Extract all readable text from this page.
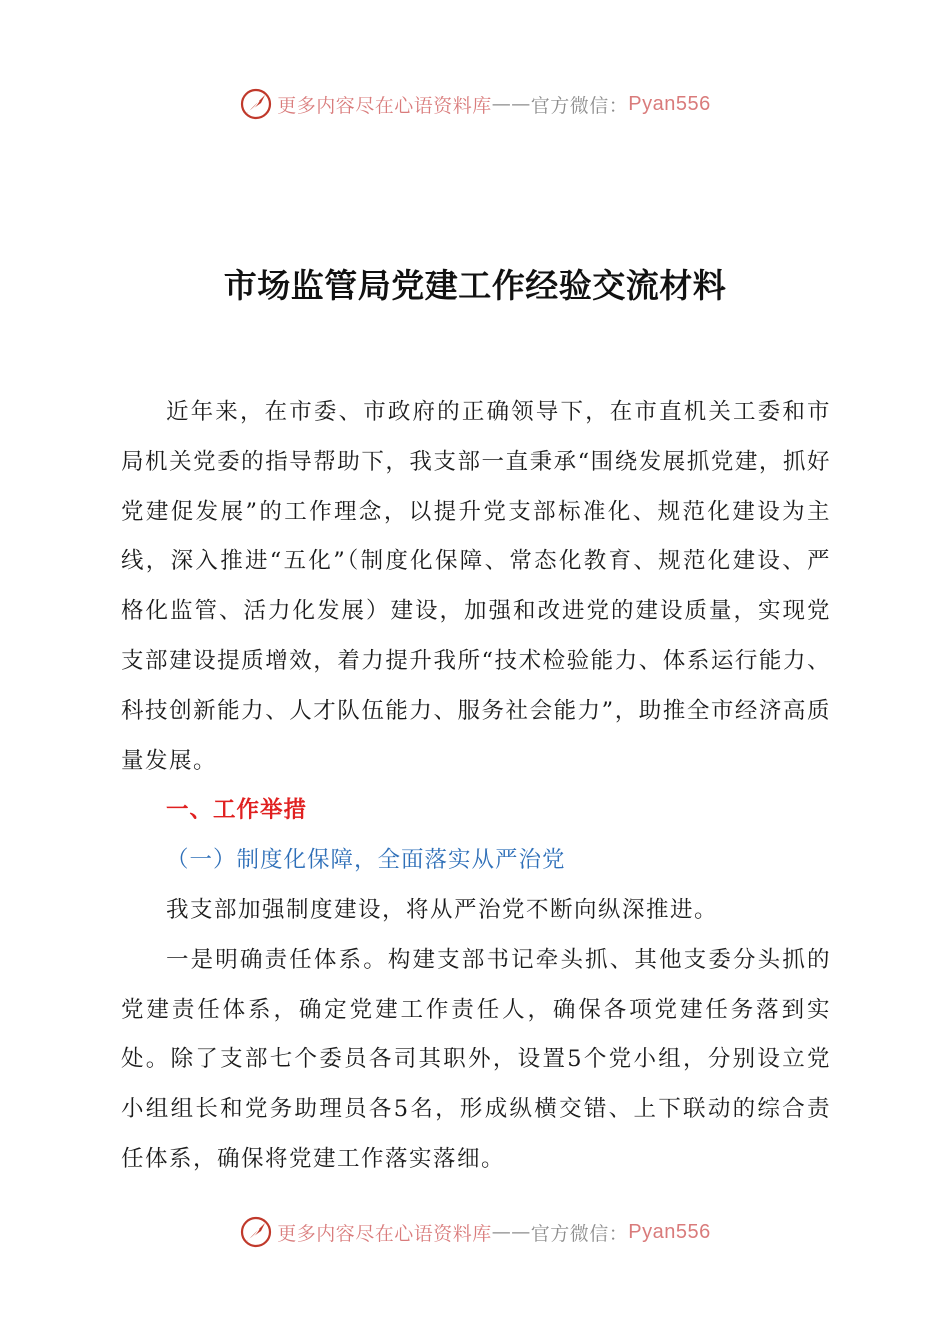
更多内容尽在心语资料库 —— 官方微信： Pyan556
市场监管局党建工作经验交流材料

近年来，在市委、市政府的正确领导下，在市直机关工委和市局机关党委的指导帮助下，我支部一直秉承“围绕发展抓党建，抓好党建促发展”的工作理念，以提升党支部标准化、规范化建设为主线，深入推进“五化”（制度化保障、常态化教育、规范化建设、严格化监管、活力化发展）建设，加强和改进党的建设质量，实现党支部建设提质增效，着力提升我所“技术检验能力、体系运行能力、科技创新能力、人才队伍能力、服务社会能力”，助推全市经济高质量发展。

一、工作举措

（一）制度化保障，全面落实从严治党

我支部加强制度建设，将从严治党不断向纵深推进。

一是明确责任体系。构建支部书记牵头抓、其他支委分头抓的党建责任体系，确定党建工作责任人，确保各项党建任务落到实处。除了支部七个委员各司其职外，设置5个党小组，分别设立党小组组长和党务助理员各5名，形成纵横交错、上下联动的综合责任体系，确保将党建工作落实落细。

更多内容尽在心语资料库 —— 官方微信： Pyan556
